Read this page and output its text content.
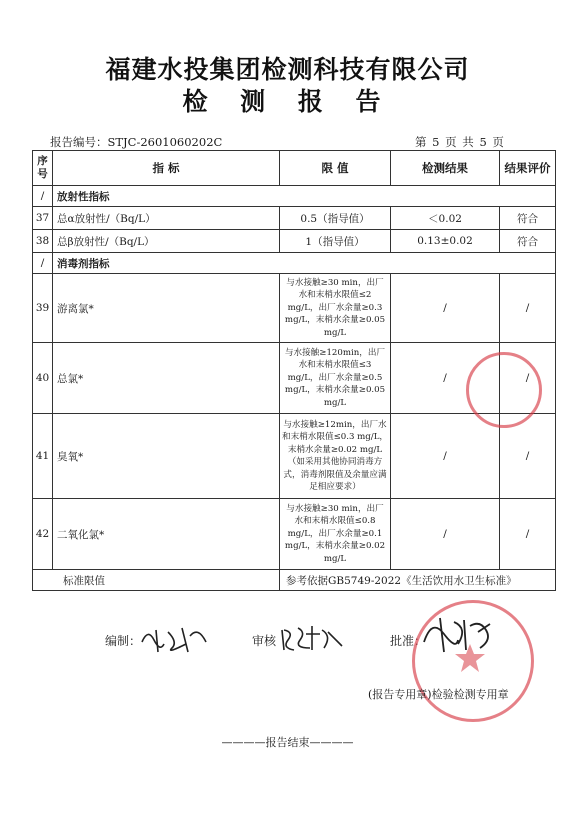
福建水投集团检测科技有限公司
检 测 报 告
报告编号：STJC-2601060202C	第 5 页 共 5 页
序号	指 标	限 值	检测结果	结果评价
/	放射性指标			
37	总α放射性/（Bq/L）	0.5（指导值）	＜0.02	符合
38	总β放射性/（Bq/L）	1（指导值）	0.13±0.02	符合
/	消毒剂指标			
39	游离氯*	与水接触≥30 min，出厂水和末梢水限值≤2 mg/L，出厂水余量≥0.3 mg/L，末梢水余量≥0.05 mg/L	/	/
40	总氯*	与水接触≥120min，出厂水和末梢水限值≤3 mg/L，出厂水余量≥0.5 mg/L，末梢水余量≥0.05 mg/L	/	/
41	臭氧*	与水接触≥12min，出厂水和末梢水限值≤0.3 mg/L，末梢水余量≥0.02 mg/L（如采用其他协同消毒方式，消毒剂限值及余量应满足相应要求）	/	/
42	二氧化氯*	与水接触≥30 min，出厂水和末梢水限值≤0.8 mg/L，出厂水余量≥0.1 mg/L，末梢水余量≥0.02 mg/L	/	/
标准限值		参考依据GB5749-2022《生活饮用水卫生标准》		
编制：	审核	批准：
(报告专用章)检验检测专用章
————报告结束————
